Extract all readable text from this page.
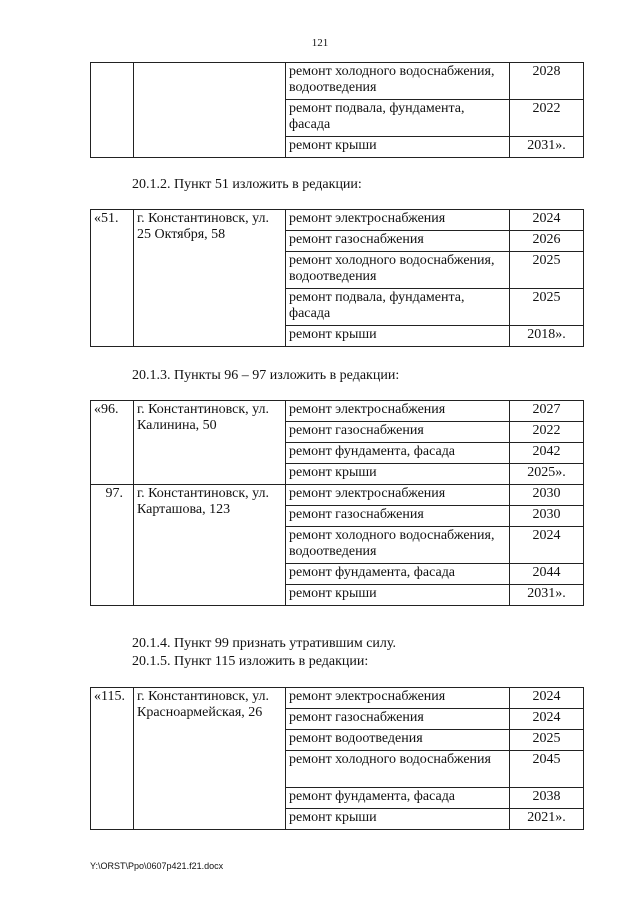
121
		ремонт холодного водоснабжения, водоотведения	2028
		ремонт подвала, фундамента, фасада	2022
		ремонт крыши	2031».
20.1.2. Пункт 51 изложить в редакции:
«51.	г. Константиновск, ул. 25 Октября, 58	ремонт электроснабжения	2024
		ремонт газоснабжения	2026
		ремонт холодного водоснабжения, водоотведения	2025
		ремонт подвала, фундамента, фасада	2025
		ремонт крыши	2018».
20.1.3. Пункты 96 – 97 изложить в редакции:
«96.	г. Константиновск, ул. Калинина, 50	ремонт электроснабжения	2027
		ремонт газоснабжения	2022
		ремонт фундамента, фасада	2042
		ремонт крыши	2025».
97.	г. Константиновск, ул. Карташова, 123	ремонт электроснабжения	2030
		ремонт газоснабжения	2030
		ремонт холодного водоснабжения, водоотведения	2024
		ремонт фундамента, фасада	2044
		ремонт крыши	2031».
20.1.4. Пункт 99 признать утратившим силу.
20.1.5. Пункт 115 изложить в редакции:
«115.	г. Константиновск, ул. Красноармейская, 26	ремонт электроснабжения	2024
		ремонт газоснабжения	2024
		ремонт водоотведения	2025
		ремонт холодного водоснабжения	2045
		ремонт фундамента, фасада	2038
		ремонт крыши	2021».
Y:\ORST\Ppo\0607p421.f21.docx
